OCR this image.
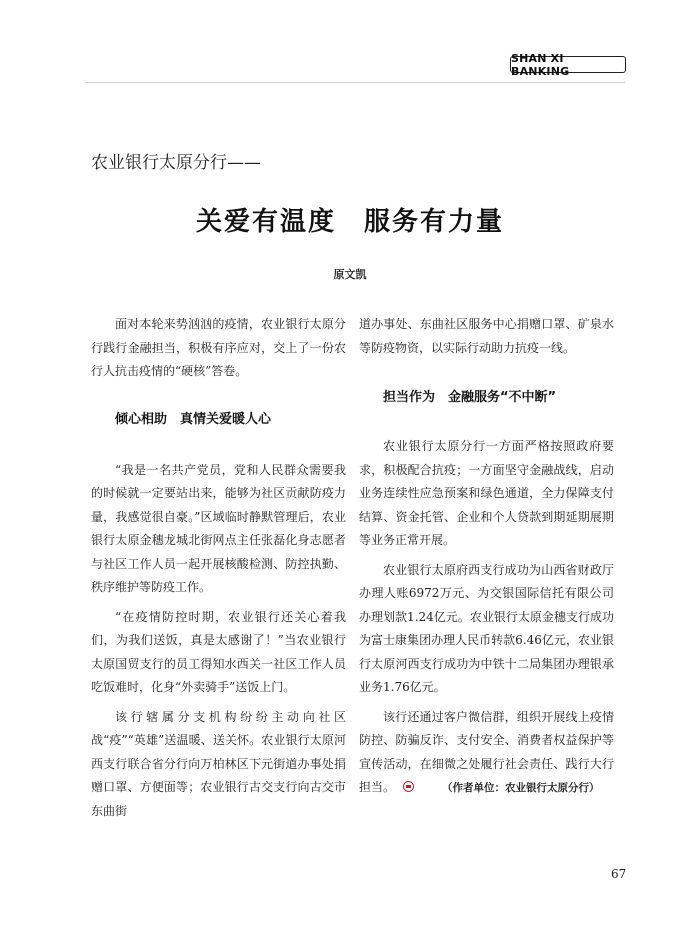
SHAN XI BANKING
农业银行太原分行——
关爱有温度　服务有力量
原文凯

面对本轮来势汹汹的疫情，农业银行太原分行践行金融担当，积极有序应对，交上了一份农行人抗击疫情的“硬核”答卷。

倾心相助　真情关爱暖人心

“我是一名共产党员，党和人民群众需要我的时候就一定要站出来，能够为社区贡献防疫力量，我感觉很自豪。”区域临时静默管理后，农业银行太原金穗龙城北街网点主任张磊化身志愿者与社区工作人员一起开展核酸检测、防控执勤、秩序维护等防疫工作。

“在疫情防控时期，农业银行还关心着我们，为我们送饭，真是太感谢了！”当农业银行太原国贸支行的员工得知水西关一社区工作人员吃饭难时，化身“外卖骑手”送饭上门。

该行辖属分支机构纷纷主动向社区战“疫”“英雄”送温暖、送关怀。农业银行太原河西支行联合省分行向万柏林区下元街道办事处捐赠口罩、方便面等；农业银行古交支行向古交市东曲街

道办事处、东曲社区服务中心捐赠口罩、矿泉水等防疫物资，以实际行动助力抗疫一线。

担当作为　金融服务“不中断”

农业银行太原分行一方面严格按照政府要求，积极配合抗疫；一方面坚守金融战线，启动业务连续性应急预案和绿色通道，全力保障支付结算、资金托管、企业和个人贷款到期延期展期等业务正常开展。

农业银行太原府西支行成功为山西省财政厅办理人账6972万元、为交银国际信托有限公司办理划款1.24亿元。农业银行太原金穗支行成功为富士康集团办理人民币转款6.46亿元，农业银行太原河西支行成功为中铁十二局集团办理银承业务1.76亿元。

该行还通过客户微信群，组织开展线上疫情防控、防骗反诈、支付安全、消费者权益保护等宣传活动，在细微之处履行社会责任、践行大行担当。	（作者单位：农业银行太原分行）

67
